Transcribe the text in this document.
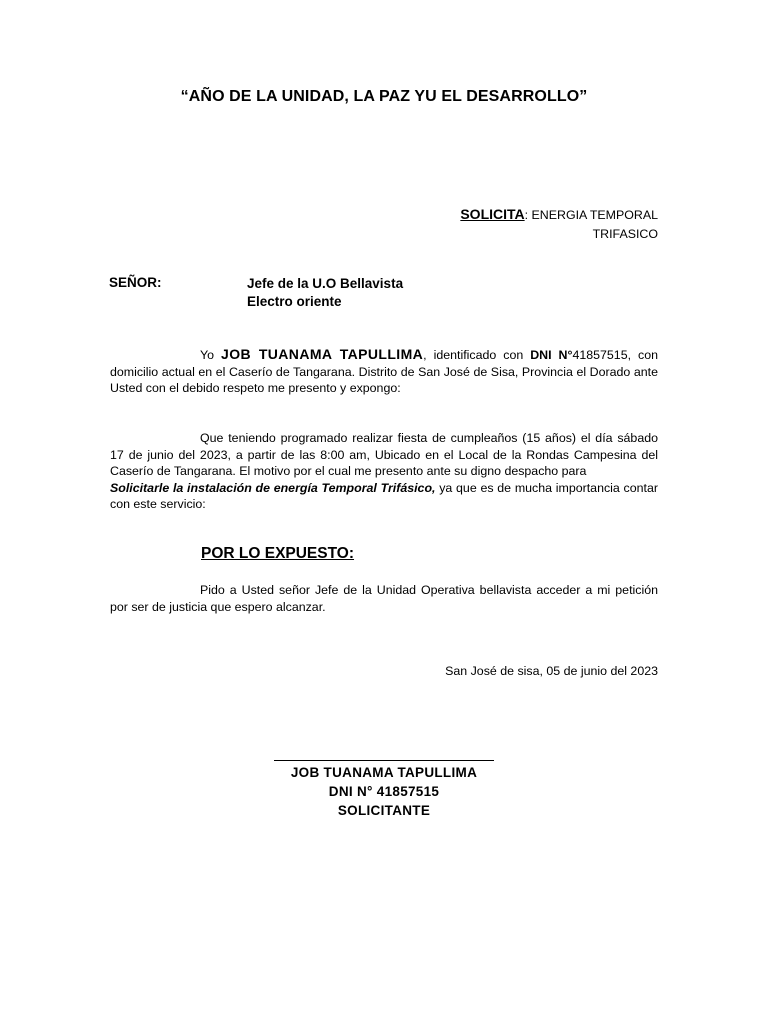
“AÑO DE LA UNIDAD, LA PAZ YU EL DESARROLLO”
SOLICITA: ENERGIA TEMPORAL
TRIFASICO
SEÑOR:	Jefe de la U.O Bellavista
Electro oriente
Yo JOB TUANAMA TAPULLIMA, identificado con DNI N°41857515, con domicilio actual en el Caserío de Tangarana. Distrito de San José de Sisa, Provincia el Dorado ante Usted con el debido respeto me presento y expongo:
Que teniendo programado realizar fiesta de cumpleaños (15 años) el día sábado 17 de junio del 2023, a partir de las 8:00 am, Ubicado en el Local de la Rondas Campesina del Caserío de Tangarana. El motivo por el cual me presento ante su digno despacho para
Solicitarle la instalación de energía Temporal Trifásico, ya que es de mucha importancia contar con este servicio:
POR LO EXPUESTO:
Pido a Usted señor Jefe de la Unidad Operativa bellavista acceder a mi petición por ser de justicia que espero alcanzar.
San José de sisa, 05 de junio del 2023
JOB TUANAMA TAPULLIMA
DNI N° 41857515
SOLICITANTE
